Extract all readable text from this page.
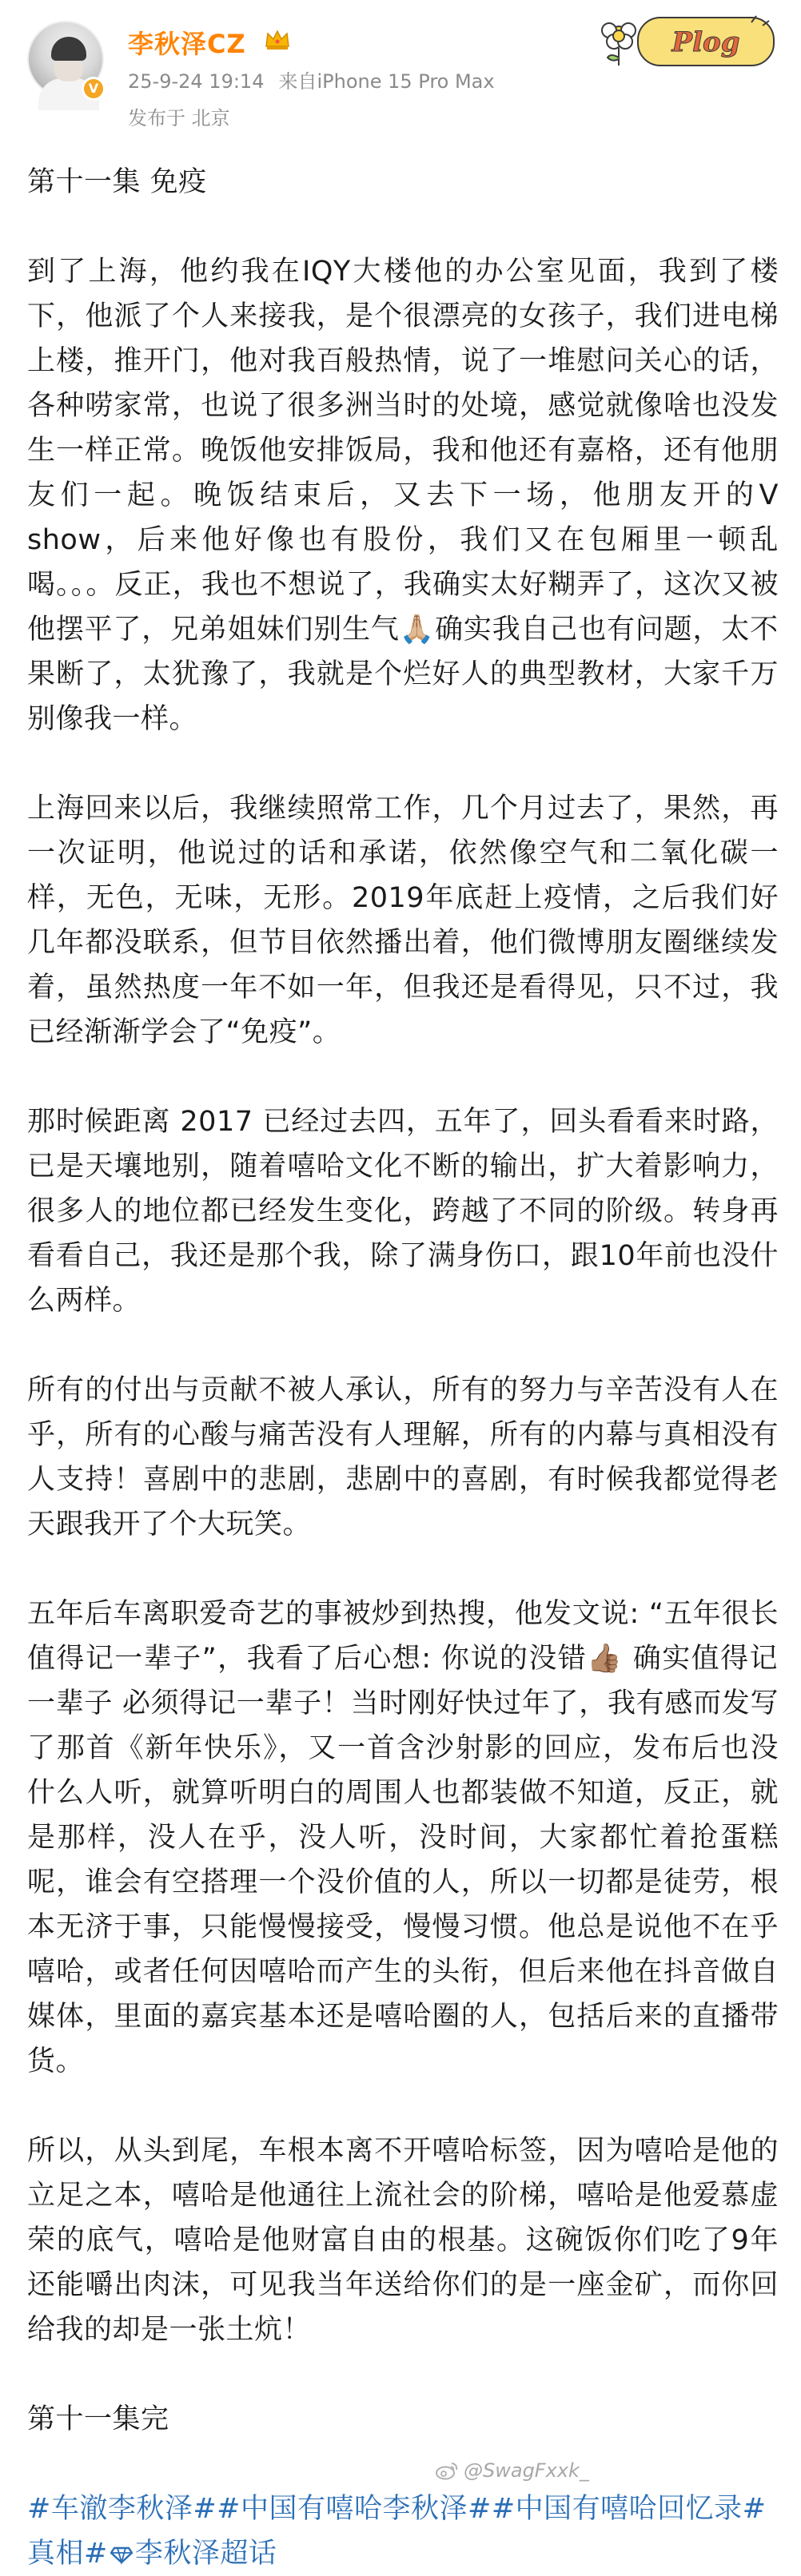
V
李秋泽CZ
25-9-24 19:14 来自iPhone 15 Pro Max
发布于 北京
Plog
第十一集 免疫
到了上海，他约我在IQY大楼他的办公室见面，我到了楼下，他派了个人来接我，是个很漂亮的女孩子，我们进电梯上楼，推开门，他对我百般热情，说了一堆慰问关心的话，各种唠家常，也说了很多洲当时的处境，感觉就像啥也没发生一样正常。晚饭他安排饭局，我和他还有嘉格，还有他朋友们一起。晚饭结束后，又去下一场，他朋友开的V show，后来他好像也有股份，我们又在包厢里一顿乱喝。。。反正，我也不想说了，我确实太好糊弄了，这次又被他摆平了，兄弟姐妹们别生气🙏🏼确实我自己也有问题，太不果断了，太犹豫了，我就是个烂好人的典型教材，大家千万别像我一样。
上海回来以后，我继续照常工作，几个月过去了，果然，再一次证明，他说过的话和承诺，依然像空气和二氧化碳一样，无色，无味，无形。2019年底赶上疫情，之后我们好几年都没联系，但节目依然播出着，他们微博朋友圈继续发着，虽然热度一年不如一年，但我还是看得见，只不过，我已经渐渐学会了“免疫”。
那时候距离 2017 已经过去四，五年了，回头看看来时路，已是天壤地别，随着嘻哈文化不断的输出，扩大着影响力，很多人的地位都已经发生变化，跨越了不同的阶级。转身再看看自己，我还是那个我，除了满身伤口，跟10年前也没什么两样。
所有的付出与贡献不被人承认，所有的努力与辛苦没有人在乎，所有的心酸与痛苦没有人理解，所有的内幕与真相没有人支持！喜剧中的悲剧，悲剧中的喜剧，有时候我都觉得老天跟我开了个大玩笑。
五年后车离职爱奇艺的事被炒到热搜，他发文说: “五年很长 值得记一辈子”，我看了后心想: 你说的没错👍🏽 确实值得记一辈子 必须得记一辈子！当时刚好快过年了，我有感而发写了那首《新年快乐》，又一首含沙射影的回应，发布后也没什么人听，就算听明白的周围人也都装做不知道，反正，就是那样，没人在乎，没人听，没时间，大家都忙着抢蛋糕呢，谁会有空搭理一个没价值的人，所以一切都是徒劳，根本无济于事，只能慢慢接受，慢慢习惯。他总是说他不在乎嘻哈，或者任何因嘻哈而产生的头衔，但后来他在抖音做自媒体，里面的嘉宾基本还是嘻哈圈的人，包括后来的直播带货。
所以，从头到尾，车根本离不开嘻哈标签，因为嘻哈是他的立足之本，嘻哈是他通往上流社会的阶梯，嘻哈是他爱慕虚荣的底气，嘻哈是他财富自由的根基。这碗饭你们吃了9年还能嚼出肉沫，可见我当年送给你们的是一座金矿，而你回给我的却是一张土炕！
第十一集完
#车澈李秋泽##中国有嘻哈李秋泽##中国有嘻哈回忆录#真相# 李秋泽超话
@SwagFxxk_
